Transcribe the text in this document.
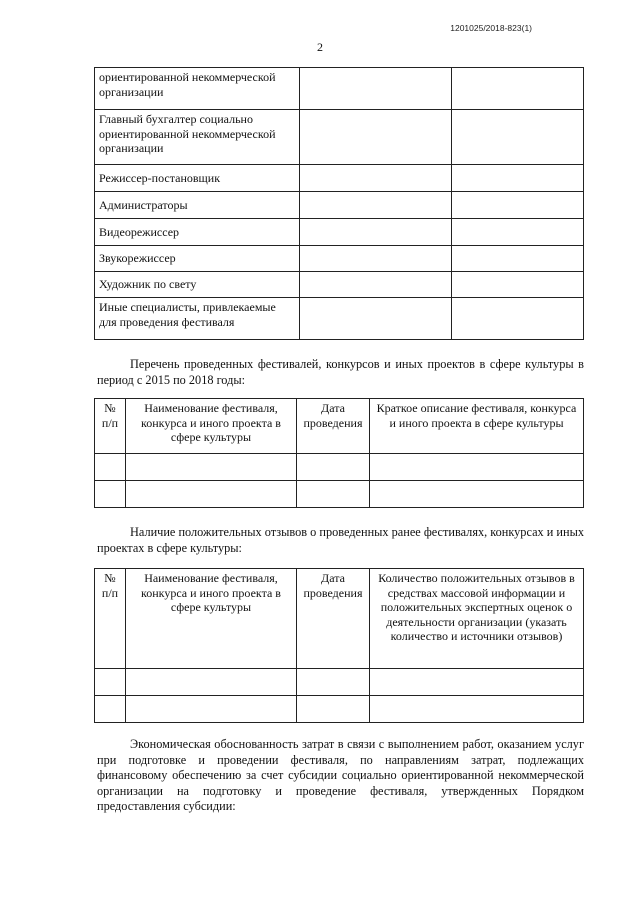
1201025/2018-823(1)
2
ориентированной некоммерческой организации		
Главный бухгалтер социально ориентированной некоммерческой организации		
Режиссер-постановщик		
Администраторы		
Видеорежиссер		
Звукорежиссер		
Художник по свету		
Иные специалисты, привлекаемые для проведения фестиваля		

Перечень проведенных фестивалей, конкурсов и иных проектов в сфере культуры в период с 2015 по 2018 годы:

№ п/п	Наименование фестиваля, конкурса и иного проекта в сфере культуры	Дата проведения	Краткое описание фестиваля, конкурса и иного проекта в сфере культуры

Наличие положительных отзывов о проведенных ранее фестивалях, конкурсах и иных проектах в сфере культуры:

№ п/п	Наименование фестиваля, конкурса и иного проекта в сфере культуры	Дата проведения	Количество положительных отзывов в средствах массовой информации и положительных экспертных оценок о деятельности организации (указать количество и источники отзывов)

Экономическая обоснованность затрат в связи с выполнением работ, оказанием услуг при подготовке и проведении фестиваля, по направлениям затрат, подлежащих финансовому обеспечению за счет субсидии социально ориентированной некоммерческой организации на подготовку и проведение фестиваля, утвержденных Порядком предоставления субсидии:
